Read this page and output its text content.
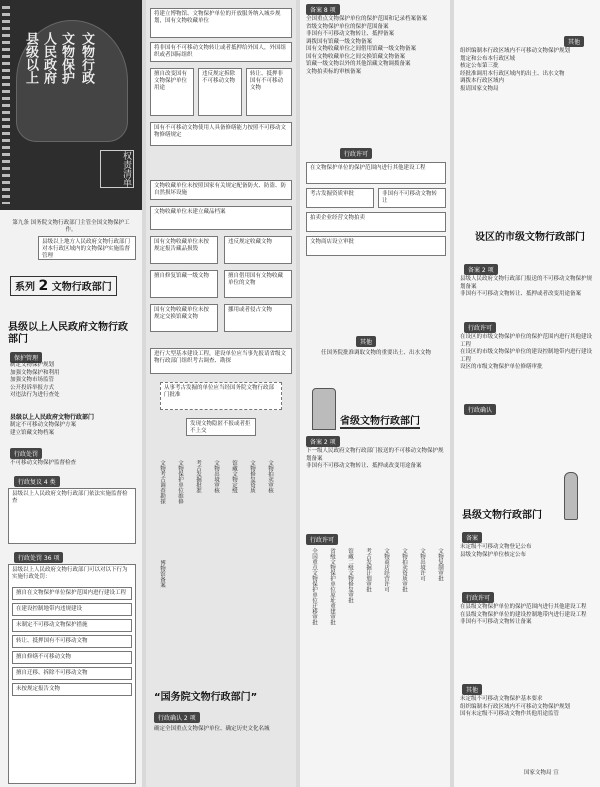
县级以上 人民政府 文物保护 文物行政
权责清单
第九条 国务院文物行政部门主管全国文物保护工作。
县级以上地方人民政府文物行政部门对本行政区域内的文物保护实施监督管理
系列 2 文物行政部门
县级以上人民政府文物行政部门
保护管理
制定文物保护规划
加强文物保护和利用
加强文物市场监管
公开投诉举报方式
对违法行为进行查处
县级以上人民政府文物行政部门
制定不可移动文物保护方案
建立馆藏文物档案
行政处罚
不可移动文物保护监督检查
行政复议 4 类
县级以上人民政府文物行政部门依法实施监督检查
行政处罚 36 项
县级以上人民政府文物行政部门可以对以下行为实施行政处罚：
擅自在文物保护单位保护范围内进行建设工程
在建设控制地带内违规建设
未制定不可移动文物保护措施
转让、抵押国有不可移动文物
擅自修缮不可移动文物
擅自迁移、拆除不可移动文物
未按规定报告文物
将建立博物馆、文物保护单位的开放服务纳入城乡规划，国有文物收藏单位
将非国有不可移动文物转让或者抵押给外国人，外国组织或者国际组织
擅自改变国有文物保护单位用途
违反规定拆除不可移动文物
转让、抵押非国有不可移动文物
国有不可移动文物使用人具备修缮能力按照不可移动文物修缮规定
文物收藏单位未按照国家有关规定配备防火、防盗、防自然损坏设施
文物收藏单位未建立藏品档案
国有文物收藏单位未按规定报告藏品损毁
违反规定收藏文物
擅自修复馆藏一级文物	擅自借用国有文物收藏单位的文物
国有文物收藏单位未按规定交换馆藏文物
挪用或者侵占文物
进行大型基本建设工程，建设单位应当事先报请省级文物行政部门组织考古调查、勘探
从事考古发掘的单位应当经国务院文物行政部门批准
发现文物隐匿不报或者拒不上交
文物考古调查勘探 文物保护单位维修 考古发掘批准 文物出境审核 馆藏文物定级 文物修复资质 文物拍卖审核
博物馆备案
“国务院文物行政部门”
行政确认 2 项
确定全国重点文物保护单位、确定历史文化名城
备案 8 项
全国重点文物保护单位的保护范围和记录档案备案
省级文物保护单位的保护范围备案
非国有不可移动文物转让、抵押备案
调拨国有馆藏一级文物备案
国有文物收藏单位之间借用馆藏一级文物备案
国有文物收藏单位之间交换馆藏文物备案
馆藏一级文物以外的其他馆藏文物调拨备案
文物拍卖标的审核备案
行政许可
在文物保护单位的保护范围内进行其他建设工程
考古发掘资质审批	非国有不可移动文物转让
拍卖企业经营文物拍卖
文物商店设立审批
其他
任国务院批准调取文物的重要出土、出水文物
省级文物行政部门
备案 2 项
下一级人民政府文物行政部门报送的不可移动文物保护规划备案
非国有不可移动文物转让、抵押或改变用途备案
行政许可
全国重点文物保护单位迁移审批 省级文物保护单位原址重建审批 馆藏二级文物修复审批 考古发掘计划审批 文物商店经营许可 文物拍卖资质审批 文物出境许可 文物复制审批
其他
组织编制本行政区域内不可移动文物保护规划
划定和公布本行政区域
核定公布第三批
经批准调用本行政区域内的出土、出水文物
调拨本行政区域内
报请国家文物局
设区的市级文物行政部门
备案 2 项
县级人民政府文物行政部门报送的不可移动文物保护规划备案
非国有不可移动文物转让、抵押或者改变用途备案
行政许可
在设区的市级文物保护单位的保护范围内进行其他建设工程
在设区的市级文物保护单位的建设控制地带内进行建设工程
设区的市级文物保护单位修缮审批
行政确认
县级文物行政部门
备案
未定级不可移动文物登记公布
县级文物保护单位核定公布
行政许可
在县级文物保护单位的保护范围内进行其他建设工程
在县级文物保护单位的建设控制地带内进行建设工程
非国有不可移动文物转让备案
其他
未定级不可移动文物保护基本要求
组织编制本行政区域内不可移动文物保护规划
国有未定级不可移动文物作其他用途监管
国家文物局 宣
